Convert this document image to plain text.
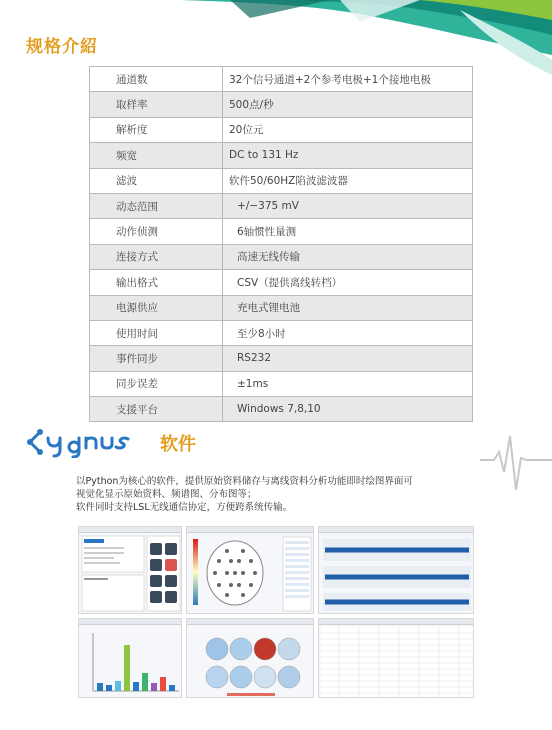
规格介紹
通道数	32个信号通道+2个参考电极+1个接地电极
取样率	500点/秒
解析度	20位元
频宽	DC to 131 Hz
滤波	软件50/60HZ陷波滤波器
动态范围	+/−375 mV
动作侦测	6轴惯性量测
连接方式	高速无线传输
输出格式	CSV（提供离线转档）
电源供应	充电式锂电池
使用时间	至少8小时
事件同步	RS232
同步误差	±1ms
支援平台	Windows 7,8,10
软件
以Python为核心的软件，提供原始资料储存与离线资料分析功能即时绘图界面可
视觉化显示原始资料、频谱图、分布图等；
软件同时支持LSL无线通信协定，方便跨系统传输。
